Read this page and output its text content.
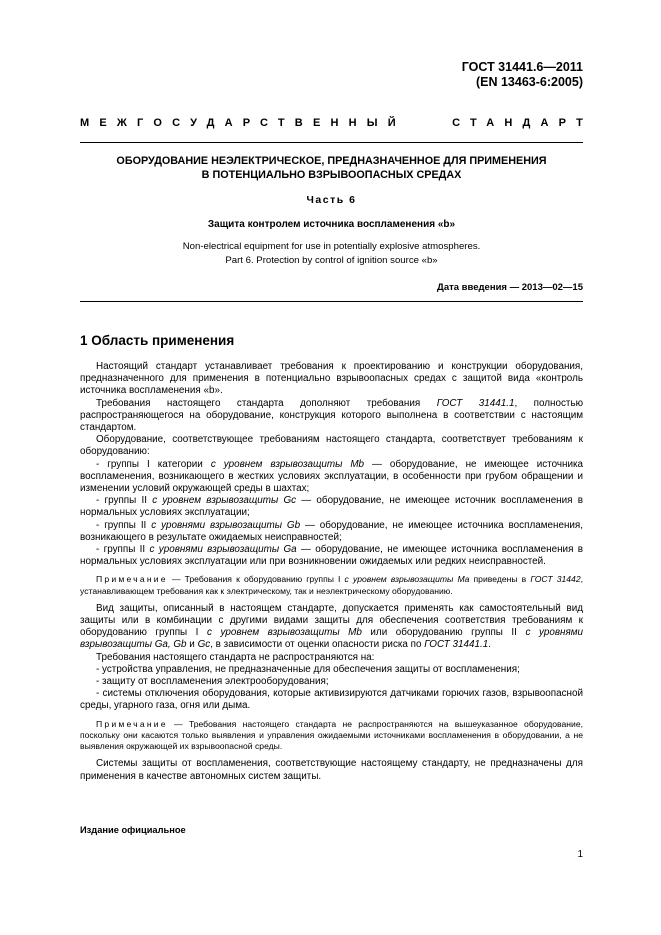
ГОСТ 31441.6—2011
(EN 13463-6:2005)
МЕЖГОСУДАРСТВЕННЫЙ	СТАНДАРТ
ОБОРУДОВАНИЕ НЕЭЛЕКТРИЧЕСКОЕ, ПРЕДНАЗНАЧЕННОЕ ДЛЯ ПРИМЕНЕНИЯ
В ПОТЕНЦИАЛЬНО ВЗРЫВООПАСНЫХ СРЕДАХ
Часть 6
Защита контролем источника воспламенения «b»
Non-electrical equipment for use in potentially explosive atmospheres.
Part 6. Protection by control of ignition source «b»
Дата введения — 2013—02—15
1 Область применения

Настоящий стандарт устанавливает требования к проектированию и конструкции оборудования, предназначенного для применения в потенциально взрывоопасных средах с защитой вида «контроль источника воспламенения «b».

Требования настоящего стандарта дополняют требования ГОСТ 31441.1, полностью распространяющегося на оборудование, конструкция которого выполнена в соответствии с настоящим стандартом.

Оборудование, соответствующее требованиям настоящего стандарта, соответствует требованиям к оборудованию:

- группы I категории с уровнем взрывозащиты Mb — оборудование, не имеющее источника воспламенения, возникающего в жестких условиях эксплуатации, в особенности при грубом обращении и изменении условий окружающей среды в шахтах;

- группы II с уровнем взрывозащиты Gc — оборудование, не имеющее источник воспламенения в нормальных условиях эксплуатации;

- группы II с уровнями взрывозащиты Gb — оборудование, не имеющее источника воспламенения, возникающего в результате ожидаемых неисправностей;

- группы II с уровнями взрывозащиты Ga — оборудование, не имеющее источника воспламенения в нормальных условиях эксплуатации или при возникновении ожидаемых или редких неисправностей.

Примечание — Требования к оборудованию группы I с уровнем взрывозащиты Ma приведены в ГОСТ 31442, устанавливающем требования как к электрическому, так и неэлектрическому оборудованию.

Вид защиты, описанный в настоящем стандарте, допускается применять как самостоятельный вид защиты или в комбинации с другими видами защиты для обеспечения соответствия требованиям к оборудованию группы I с уровнем взрывозащиты Mb или оборудованию группы II с уровнями взрывозащиты Ga, Gb и Gc, в зависимости от оценки опасности риска по ГОСТ 31441.1.

Требования настоящего стандарта не распространяются на:

- устройства управления, не предназначенные для обеспечения защиты от воспламенения;

- защиту от воспламенения электрооборудования;

- системы отключения оборудования, которые активизируются датчиками горючих газов, взрывоопасной среды, угарного газа, огня или дыма.

Примечание — Требования настоящего стандарта не распространяются на вышеуказанное оборудование, поскольку они касаются только выявления и управления ожидаемыми источниками воспламенения в оборудовании, а не выявления окружающей их взрывоопасной среды.

Системы защиты от воспламенения, соответствующие настоящему стандарту, не предназначены для применения в качестве автономных систем защиты.

Издание официальное
1
